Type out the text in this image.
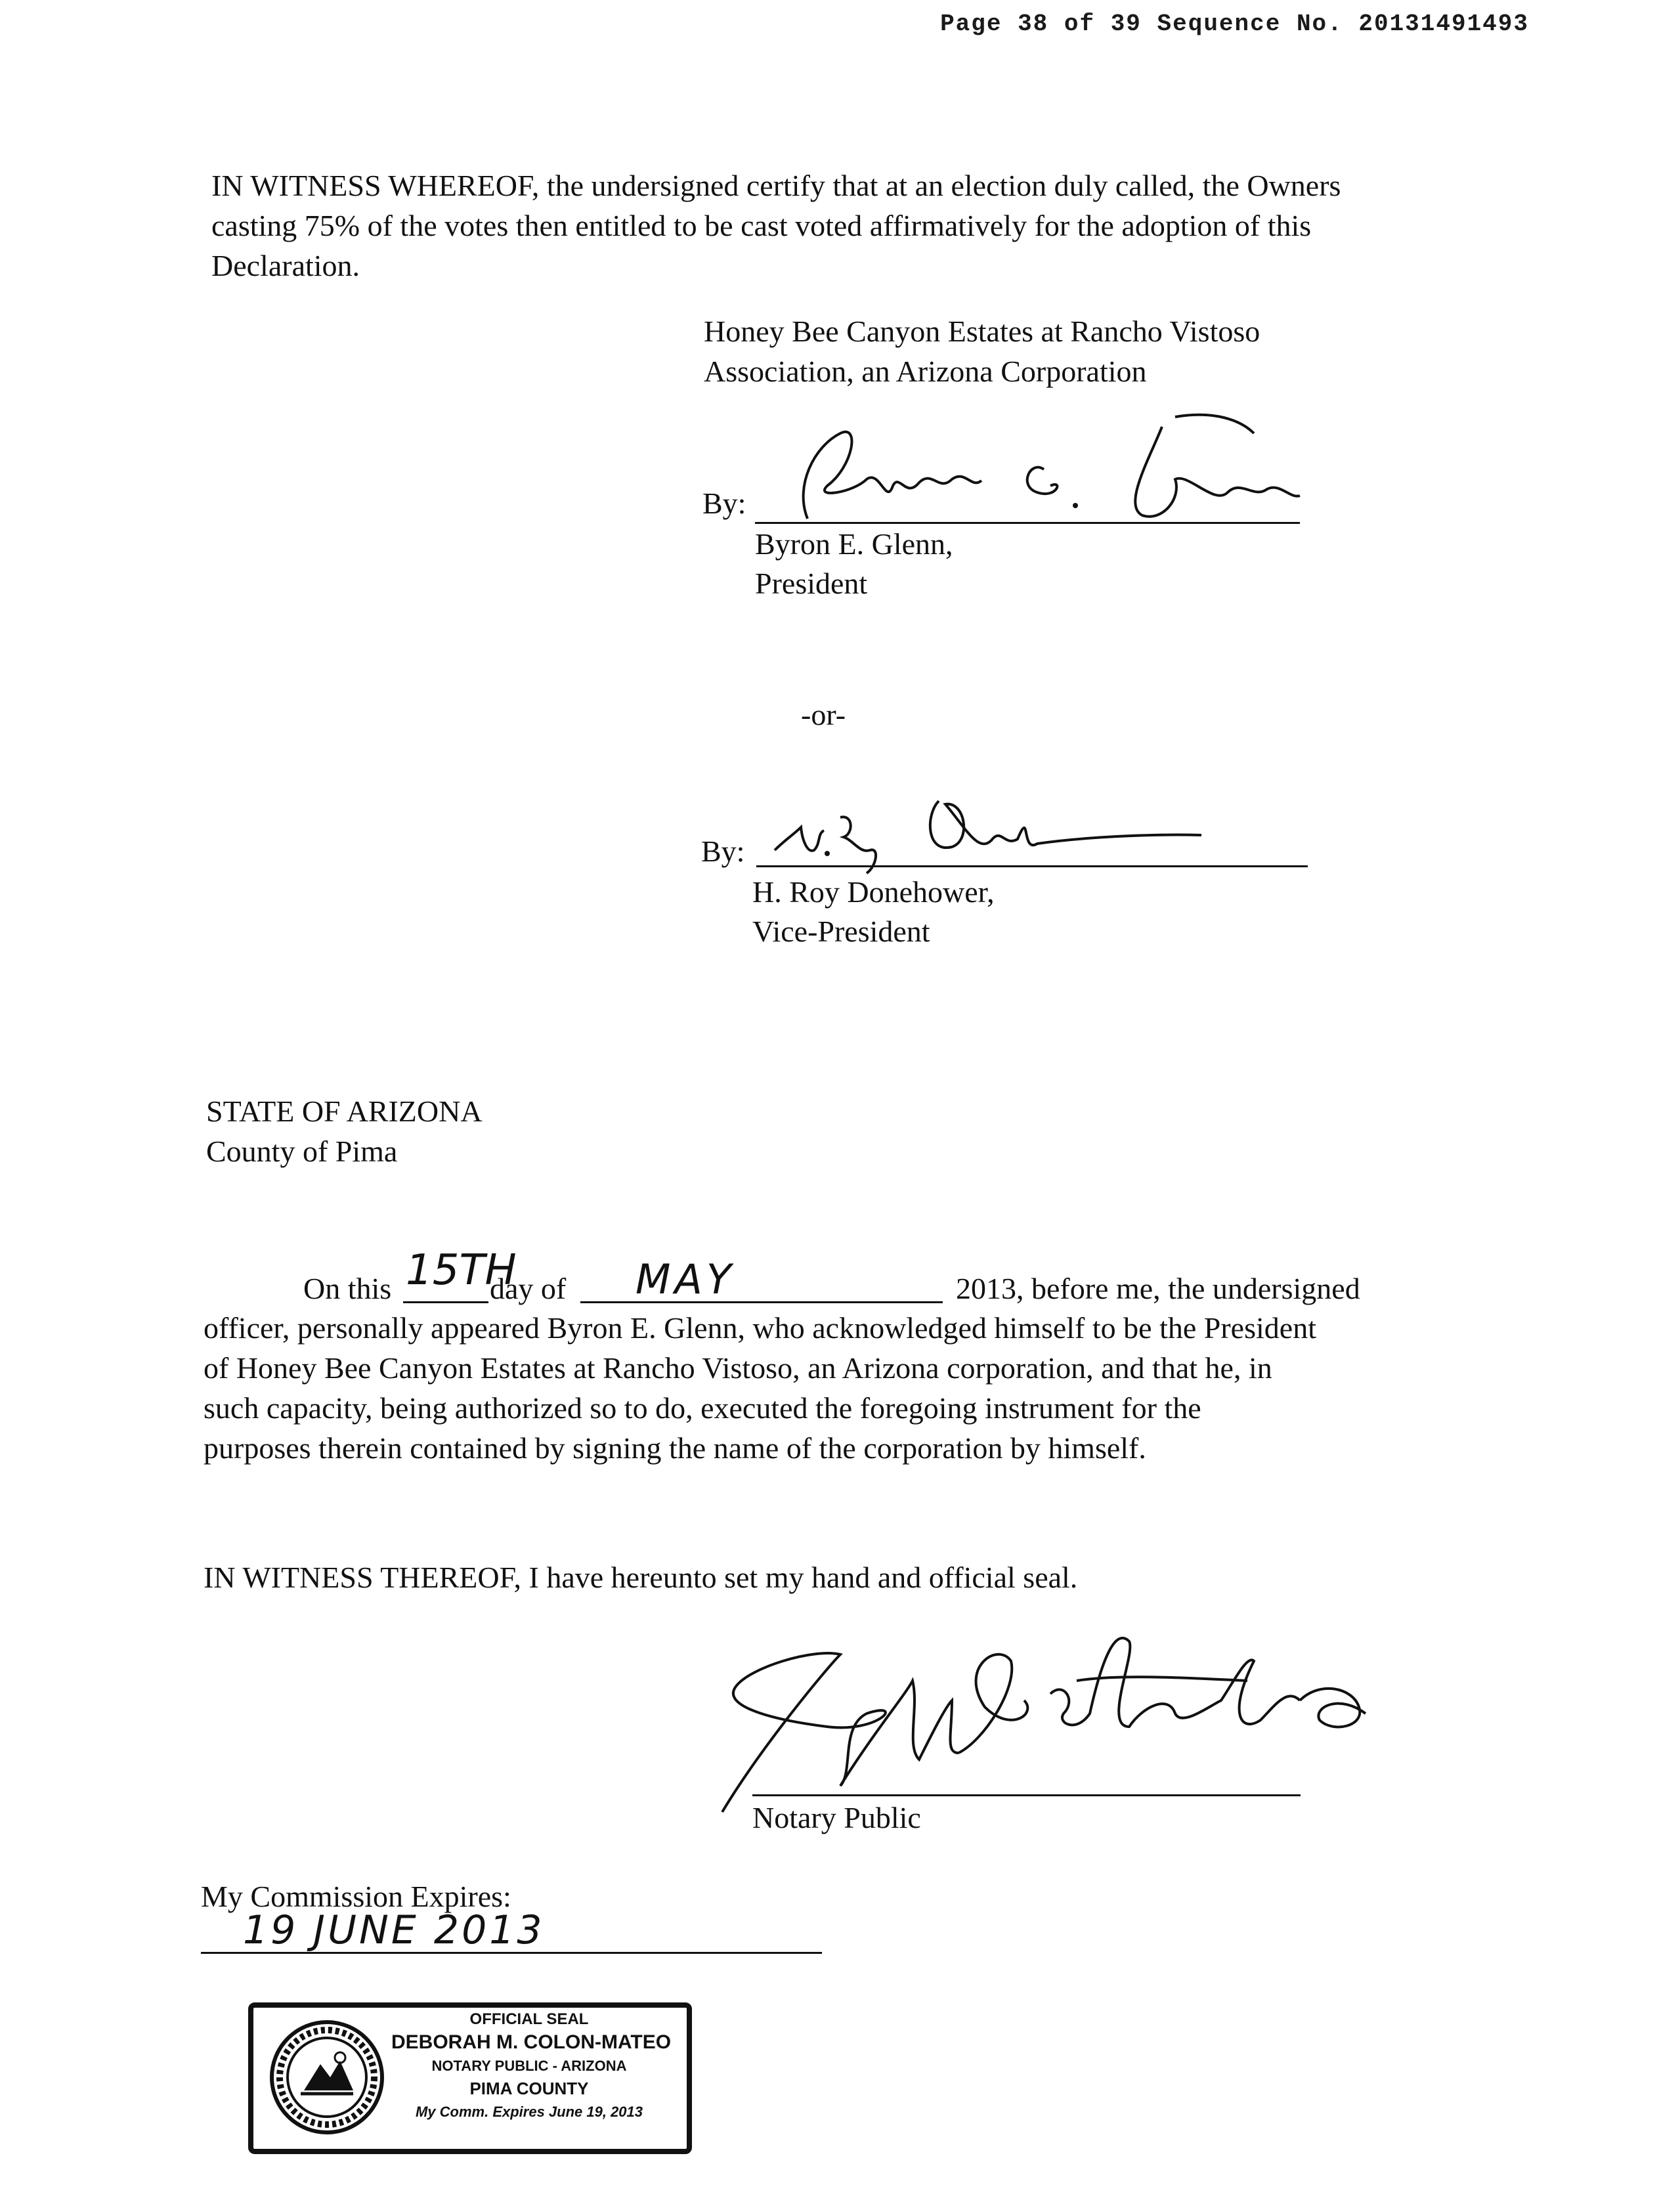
Page 38 of 39 Sequence No. 20131491493
IN WITNESS WHEREOF, the undersigned certify that at an election duly called, the Owners
casting 75% of the votes then entitled to be cast voted affirmatively for the adoption of this
Declaration.
Honey Bee Canyon Estates at Rancho Vistoso
Association, an Arizona Corporation
By:
Byron E. Glenn,
President
-or-
By:
H. Roy Donehower,
Vice-President
STATE OF ARIZONA
County of Pima
On this 15TH
day of MAY	2013, before me, the undersigned
officer, personally appeared Byron E. Glenn, who acknowledged himself to be the President
of Honey Bee Canyon Estates at Rancho Vistoso, an Arizona corporation, and that he, in
such capacity, being authorized so to do, executed the foregoing instrument for the
purposes therein contained by signing the name of the corporation by himself.
IN WITNESS THEREOF, I have hereunto set my hand and official seal.
Notary Public
My Commission Expires:
19 JUNE 2013
OFFICIAL SEAL
DEBORAH M. COLON-MATEO
NOTARY PUBLIC - ARIZONA
PIMA COUNTY
My Comm. Expires June 19, 2013
